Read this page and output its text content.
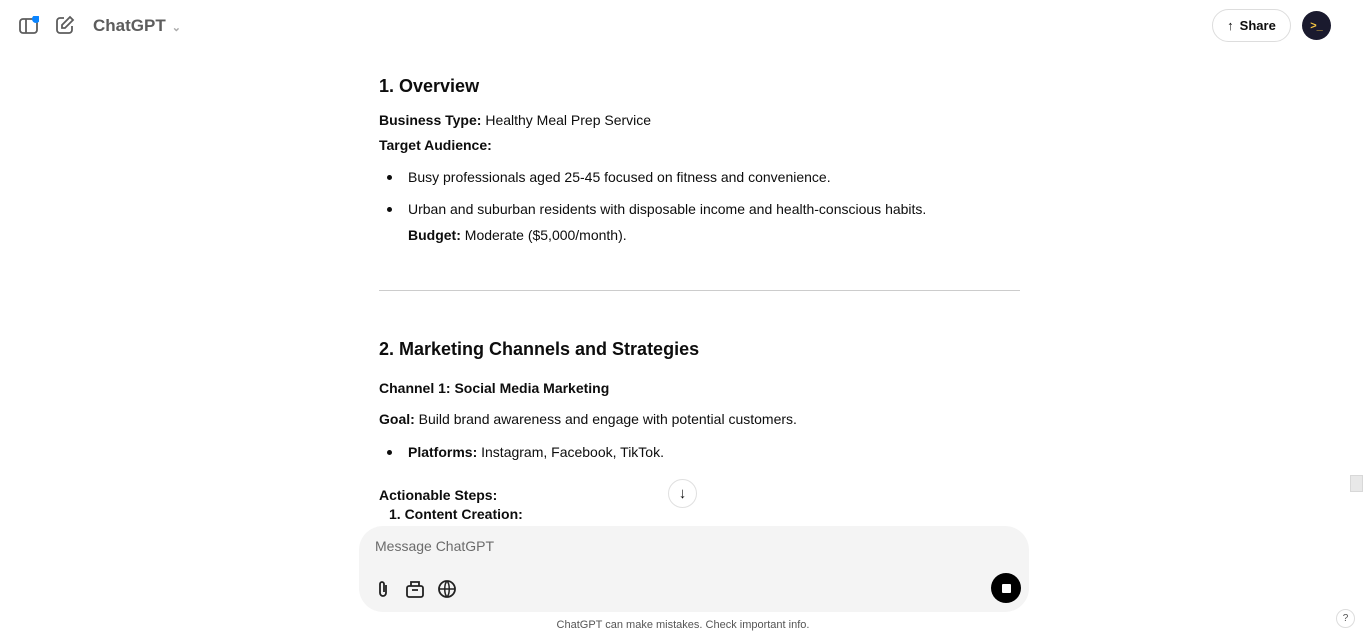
ChatGPT ⌄	↑ Share	>_
1. Overview
Business Type: Healthy Meal Prep Service
Target Audience:
Busy professionals aged 25-45 focused on fitness and convenience.
Urban and suburban residents with disposable income and health-conscious habits.
Budget: Moderate ($5,000/month).
2. Marketing Channels and Strategies
Channel 1: Social Media Marketing
Goal: Build brand awareness and engage with potential customers.
Platforms: Instagram, Facebook, TikTok.
Actionable Steps:
1. Content Creation:
↓
Message ChatGPT
ChatGPT can make mistakes. Check important info.
?
